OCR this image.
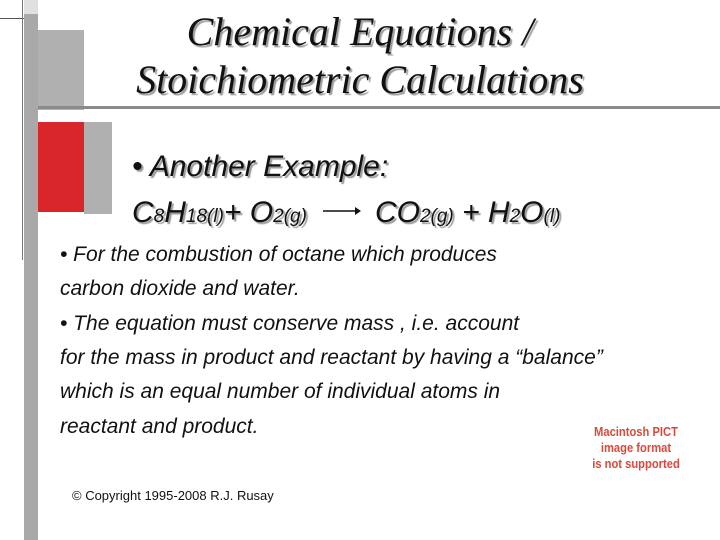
Chemical Equations /
Stoichiometric Calculations
• Another Example:
C 8 H 18(l) + O 2(g) → CO 2(g) + H 2 O (l)
• For the combustion of octane which produces
carbon dioxide and water.
• The equation must conserve mass , i.e. account
for the mass in product and reactant by having a “balance”
which is an equal number of individual atoms in
reactant and product.	Macintosh PICT
image format
is not supported
© Copyright 1995-2008 R.J. Rusay
